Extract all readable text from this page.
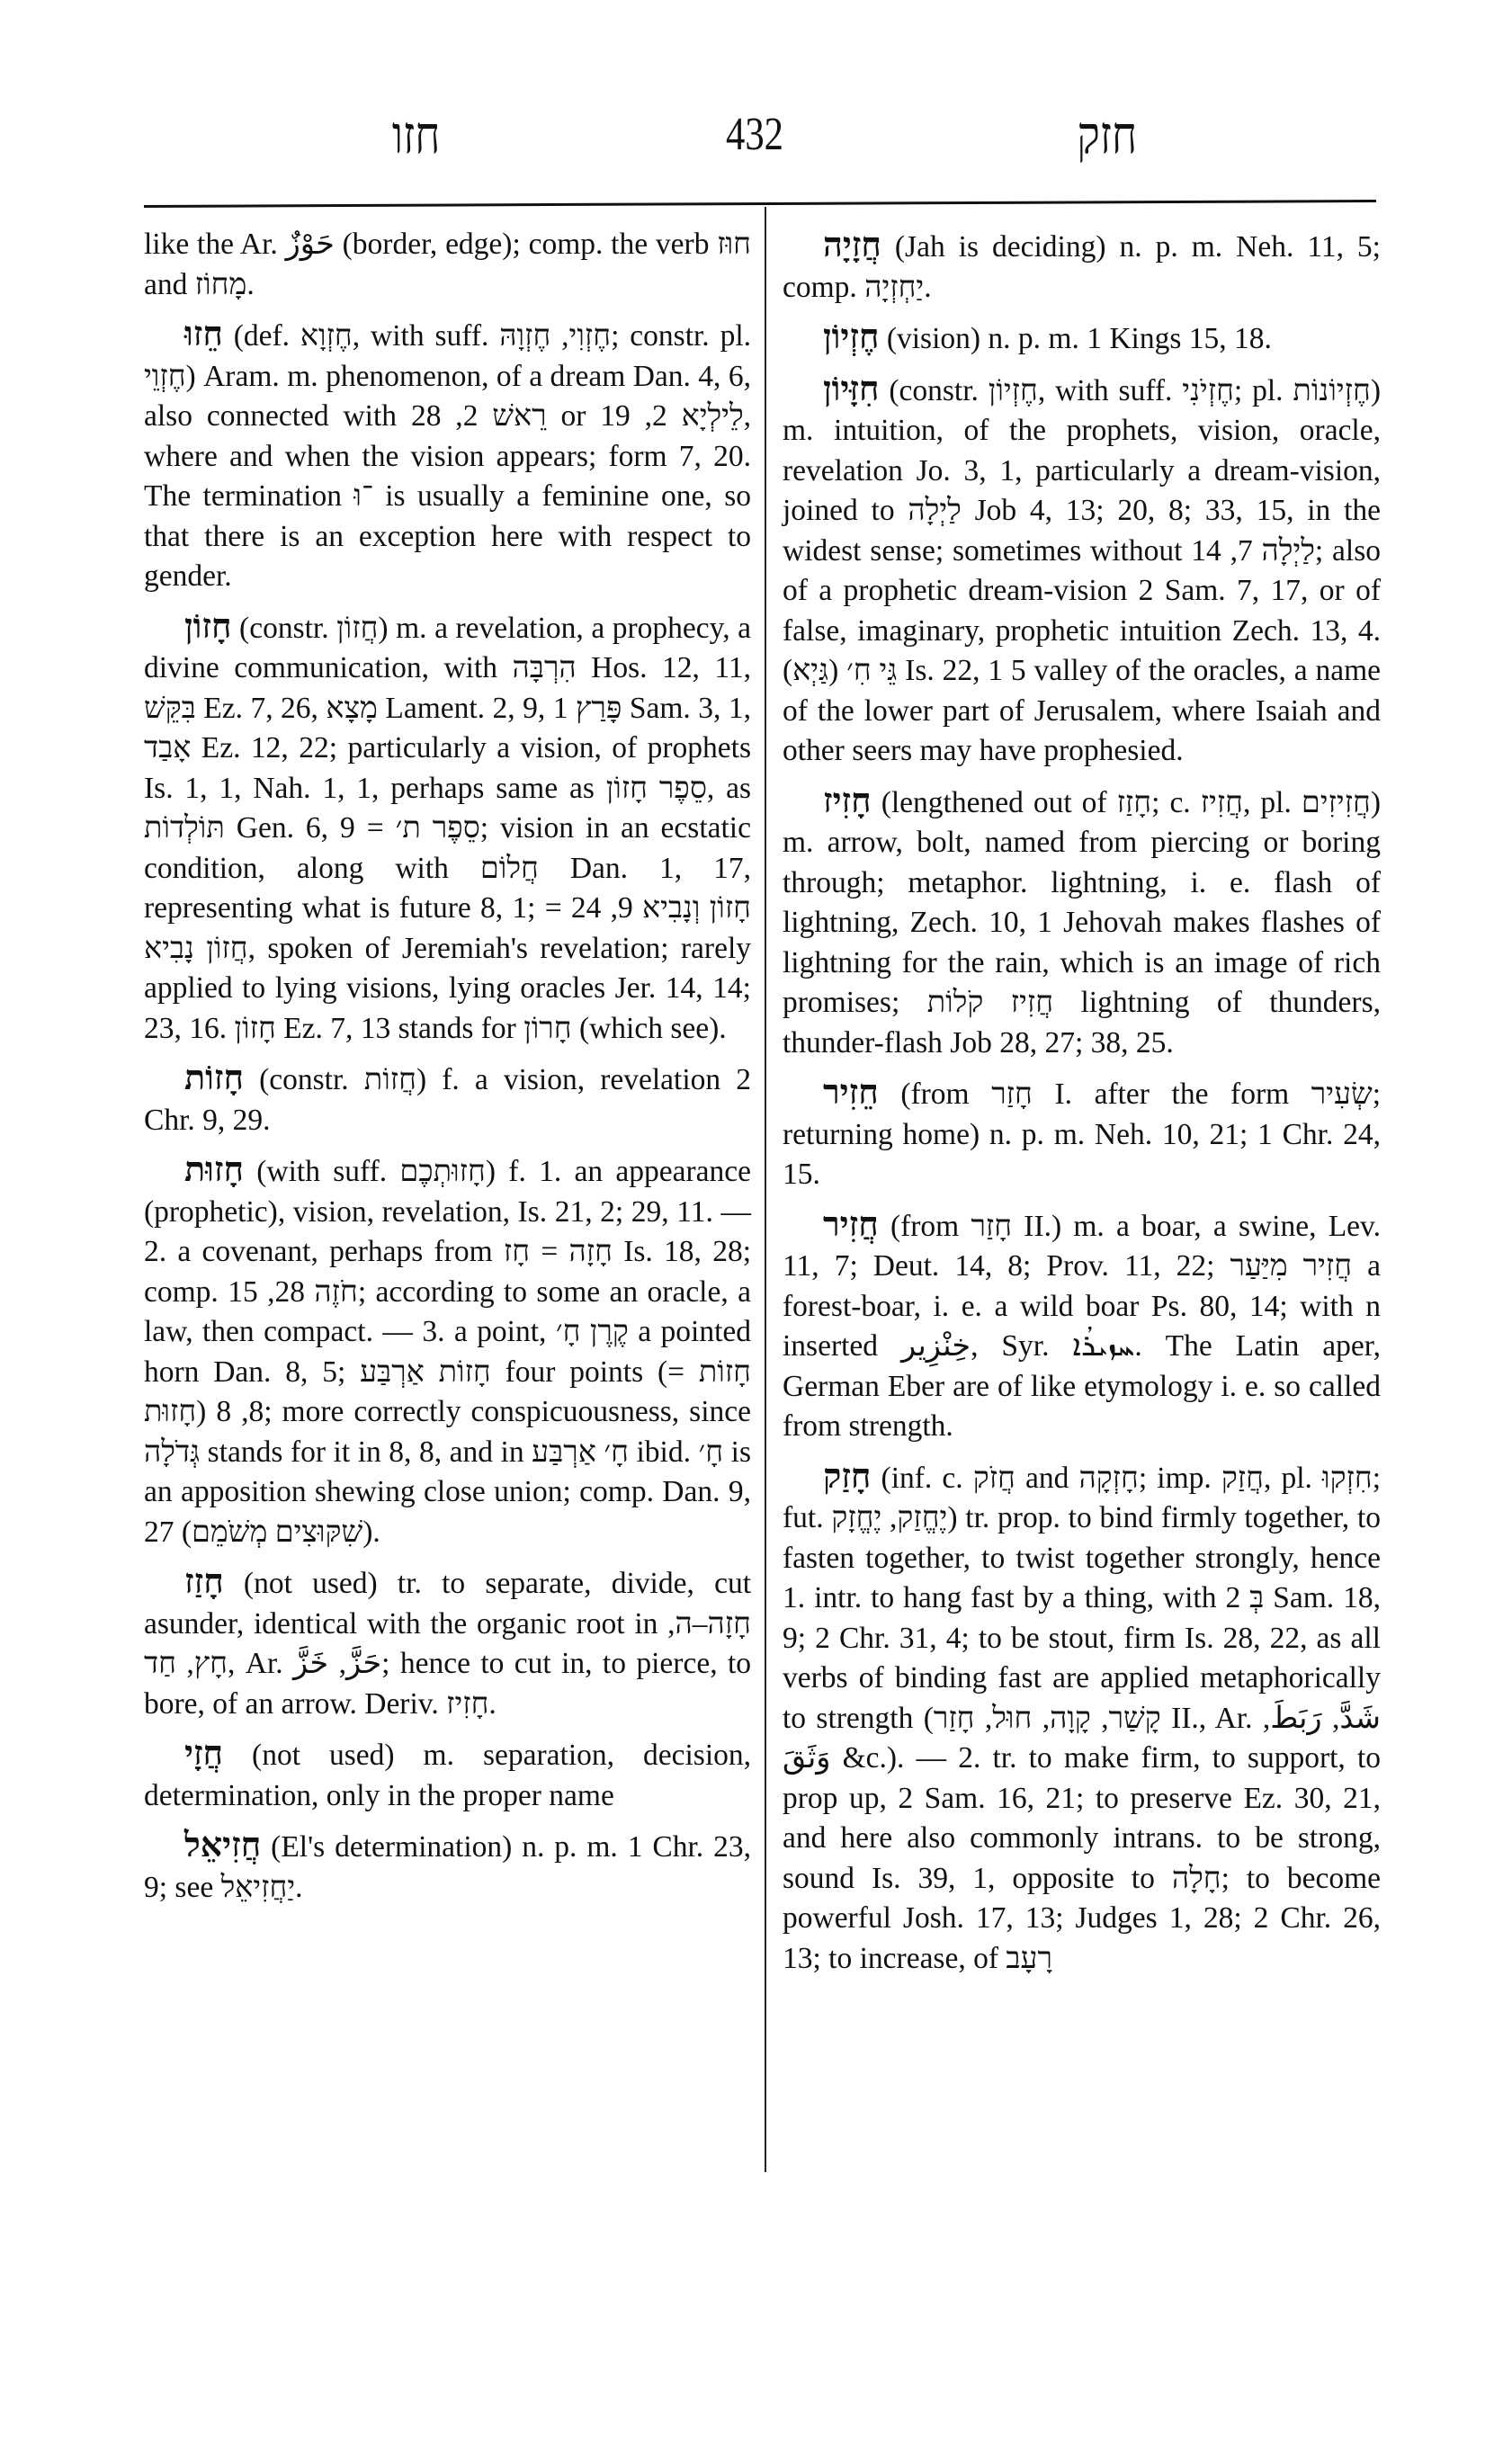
חזו	432	חזק

like the Ar. حَوْزٌ (border, edge); comp. the verb חוּז and מָחוֹז.

חֵזוּ (def. חֶזְוָא, with suff. חֶזְוִי, חֶזְוָהּ; constr. pl. חֶזְוֵי) Aram. m. phenomenon, of a dream Dan. 4, 6, also connected with רֵאשׁ 2, 28 or לֵילְיָא 2, 19, where and when the vision appears; form 7, 20. The termination ־וּ is usually a feminine one, so that there is an exception here with respect to gender.

חָזוֹן (constr. חֲזוֹן) m. a revelation, a prophecy, a divine communication, with הִרְבָּה Hos. 12, 11, בִּקֵּשׁ Ez. 7, 26, מָצָא Lament. 2, 9, פָּרַץ 1 Sam. 3, 1, אָבַד Ez. 12, 22; particularly a vision, of prophets Is. 1, 1, Nah. 1, 1, perhaps same as סֵפֶר חָזוֹן, as תּוֹלְדוֹת Gen. 6, 9 = סֵפֶר ת׳; vision in an ecstatic condition, along with חֲלוֹם Dan. 1, 17, representing what is future 8, 1; חָזוֹן וְנָבִיא 9, 24 = חֲזוֹן נָבִיא, spoken of Jeremiah's revelation; rarely applied to lying visions, lying oracles Jer. 14, 14; 23, 16. חָזוֹן Ez. 7, 13 stands for חָרוֹן (which see).

חָזוֹת (constr. חֲזוֹת) f. a vision, revelation 2 Chr. 9, 29.

חָזוּת (with suff. חָזוּתְכֶם) f. 1. an appearance (prophetic), vision, revelation, Is. 21, 2; 29, 11. — 2. a covenant, perhaps from חָזָה = חָז Is. 18, 28; comp. חֹזֶה 28, 15; according to some an oracle, a law, then compact. — 3. a point, קֶרֶן חָ׳ a pointed horn Dan. 8, 5; חָזוֹת אַרְבַּע four points (חָזוֹת = חָזוּת) 8, 8; more correctly conspicuousness, since גְּדֹלָה stands for it in 8, 8, and in חָ׳ אַרְבַּע ibid. חָ׳ is an apposition shewing close union; comp. Dan. 9, 27 (שִׁקּוּצִים מְשֹׁמֵם).

חָזַז (not used) tr. to separate, divide, cut asunder, identical with the organic root in חָזָה–ה, חָץ, חַד, Ar. حَزَّ, خَزَّ; hence to cut in, to pierce, to bore, of an arrow. Deriv. חָזִיז.

חֲזָי (not used) m. separation, decision, determination, only in the proper name

חֲזִיאֵל (El's determination) n. p. m. 1 Chr. 23, 9; see יַחֲזִיאֵל.

חֲזָיָה (Jah is deciding) n. p. m. Neh. 11, 5; comp. יַחְזְיָה.

חֶזְיוֹן (vision) n. p. m. 1 Kings 15, 18.

חִזָּיוֹן (constr. חֶזְיוֹן, with suff. חֶזְיֹנִי; pl. חֶזְיוֹנוֹת) m. intuition, of the prophets, vision, oracle, revelation Jo. 3, 1, particularly a dream-vision, joined to לַיְלָה Job 4, 13; 20, 8; 33, 15, in the widest sense; sometimes without לַיְלָה 7, 14; also of a prophetic dream-vision 2 Sam. 7, 17, or of false, imaginary, prophetic intuition Zech. 13, 4. גֵּי חִ׳ (גַּיְא) Is. 22, 1 5 valley of the oracles, a name of the lower part of Jerusalem, where Isaiah and other seers may have prophesied.

חָזִיז (lengthened out of חָזַז; c. חֲזִיז, pl. חֲזִיזִים) m. arrow, bolt, named from piercing or boring through; metaphor. lightning, i. e. flash of lightning, Zech. 10, 1 Jehovah makes flashes of lightning for the rain, which is an image of rich promises; חֲזִיז קֹלוֹת lightning of thunders, thunder-flash Job 28, 27; 38, 25.

חֵזִיר (from חָזַר I. after the form שְׂעִיר; returning home) n. p. m. Neh. 10, 21; 1 Chr. 24, 15.

חֲזִיר (from חָזַר II.) m. a boar, a swine, Lev. 11, 7; Deut. 14, 8; Prov. 11, 22; חֲזִיר מִיַּעַר a forest-boar, i. e. a wild boar Ps. 80, 14; with n inserted خِنْزِير, Syr. ܚܙܝܪܳܐ. The Latin aper, German Eber are of like etymology i. e. so called from strength.

חָזַק (inf. c. חֲזֹק and חָזְקָה; imp. חֲזַק, pl. חִזְקוּ; fut. יֶחֱזַק, יֶחֱזָק) tr. prop. to bind firmly together, to fasten together, to twist together strongly, hence 1. intr. to hang fast by a thing, with בְּ 2 Sam. 18, 9; 2 Chr. 31, 4; to be stout, firm Is. 28, 22, as all verbs of binding fast are applied metaphorically to strength (קָשַׁר, קָוָה, חוּל, חָזַר II., Ar. شَدَّ, رَبَطَ, وَثَقَ &c.). — 2. tr. to make firm, to support, to prop up, 2 Sam. 16, 21; to preserve Ez. 30, 21, and here also commonly intrans. to be strong, sound Is. 39, 1, opposite to חָלָה; to become powerful Josh. 17, 13; Judges 1, 28; 2 Chr. 26, 13; to increase, of רָעָב
